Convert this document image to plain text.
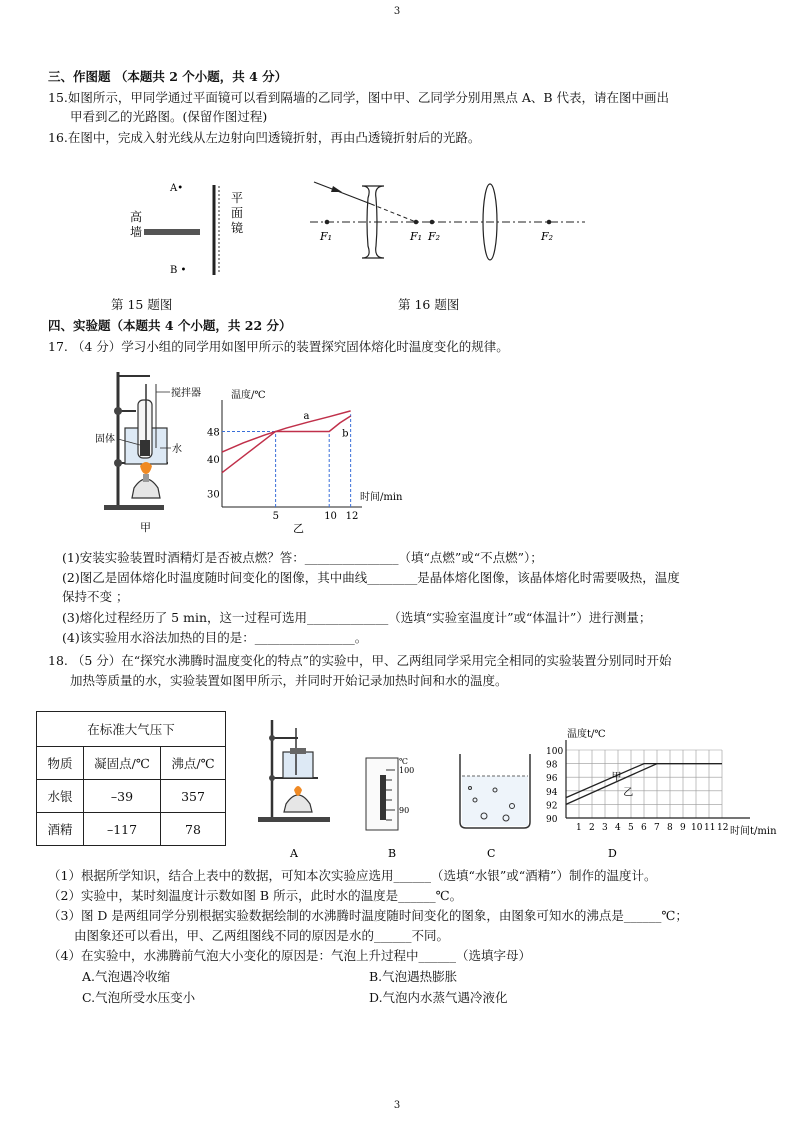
3
3
三、作图题 （本题共 2 个小题，共 4 分）
15.如图所示，甲同学通过平面镜可以看到隔墙的乙同学，图中甲、乙同学分别用黑点 A、B 代表，请在图中画出
甲看到乙的光路图。(保留作图过程)
16.在图中，完成入射光线从左边射向凹透镜折射，再由凸透镜折射后的光路。
A•
B •
高
墙
平
面
镜
第 15 题图
F₁	F₁ F₂	F₂
第 16 题图
四、实验题（本题共 4 个小题，共 22 分）
17. （4 分）学习小组的同学用如图甲所示的装置探究固体熔化时温度变化的规律。
搅拌器
固体
水
甲
温度/℃
时间/min
乙
30
40
48
5	10 12
a
b
(1)安装实验装置时酒精灯是否被点燃？答：_______________（填“点燃”或“不点燃”）；
(2)图乙是固体熔化时温度随时间变化的图像，其中曲线________是晶体熔化图像，该晶体熔化时需要吸热，温度
保持不变 ；
(3)熔化过程经历了 5 min，这一过程可选用_____________（选填“实验室温度计”或“体温计”）进行测量；
(4)该实验用水浴法加热的目的是：________________。
18. （5 分）在“探究水沸腾时温度变化的特点”的实验中，甲、乙两组同学采用完全相同的实验装置分别同时开始
加热等质量的水，实验装置如图甲所示，并同时开始记录加热时间和水的温度。
在标准大气压下		
物质	凝固点/℃	沸点/℃
水银	–39	357
酒精	–117	78
℃
100
90
A	B	C	D
温度t/℃
时间t/min
90
92
94
96
98
100
1 2 3 4 5 6 7 8 9 10 11 12
甲
乙
（1）根据所学知识，结合上表中的数据，可知本次实验应选用______（选填“水银”或“酒精”）制作的温度计。
（2）实验中，某时刻温度计示数如图 B 所示，此时水的温度是______℃。
（3）图 D 是两组同学分别根据实验数据绘制的水沸腾时温度随时间变化的图象，由图象可知水的沸点是______℃；
由图象还可以看出，甲、乙两组图线不同的原因是水的______不同。
（4）在实验中，水沸腾前气泡大小变化的原因是：气泡上升过程中______（选填字母）
A.气泡遇冷收缩	B.气泡遇热膨胀
C.气泡所受水压变小	D.气泡内水蒸气遇冷液化
